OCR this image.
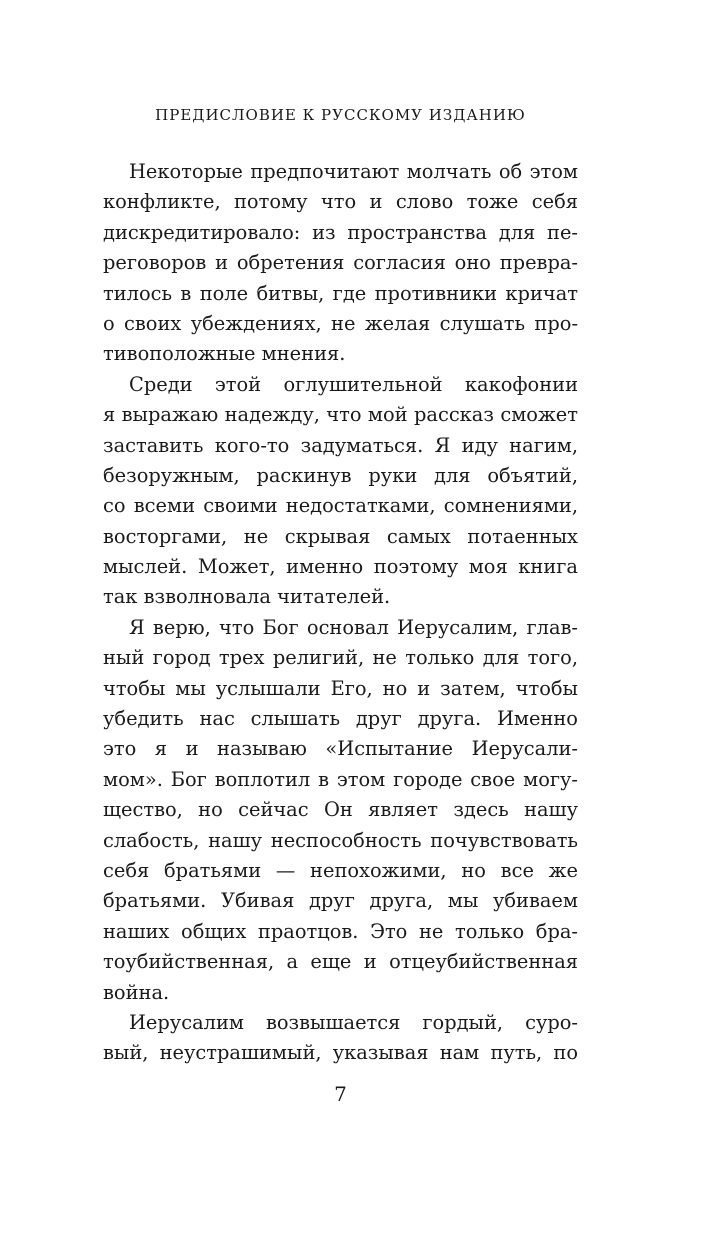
ПРЕДИСЛОВИЕ К РУССКОМУ ИЗДАНИЮ
Некоторые предпочитают молчать об этом
конфликте, потому что и слово тоже себя
дискредитировало: из пространства для пе-
реговоров и обретения согласия оно превра-
тилось в поле битвы, где противники кричат
о своих убеждениях, не желая слушать про-
тивоположные мнения.
Среди этой оглушительной какофонии
я выражаю надежду, что мой рассказ сможет
заставить кого-то задуматься. Я иду нагим,
безоружным, раскинув руки для объятий,
со всеми своими недостатками, сомнениями,
восторгами, не скрывая самых потаенных
мыслей. Может, именно поэтому моя книга
так взволновала читателей.
Я верю, что Бог основал Иерусалим, глав-
ный город трех религий, не только для того,
чтобы мы услышали Его, но и затем, чтобы
убедить нас слышать друг друга. Именно
это я и называю «Испытание Иерусали-
мом». Бог воплотил в этом городе свое могу-
щество, но сейчас Он являет здесь нашу
слабость, нашу неспособность почувствовать
себя братьями — непохожими, но все же
братьями. Убивая друг друга, мы убиваем
наших общих праотцов. Это не только бра-
тоубийственная, а еще и отцеубийственная
война.
Иерусалим возвышается гордый, суро-
вый, неустрашимый, указывая нам путь, по
7
